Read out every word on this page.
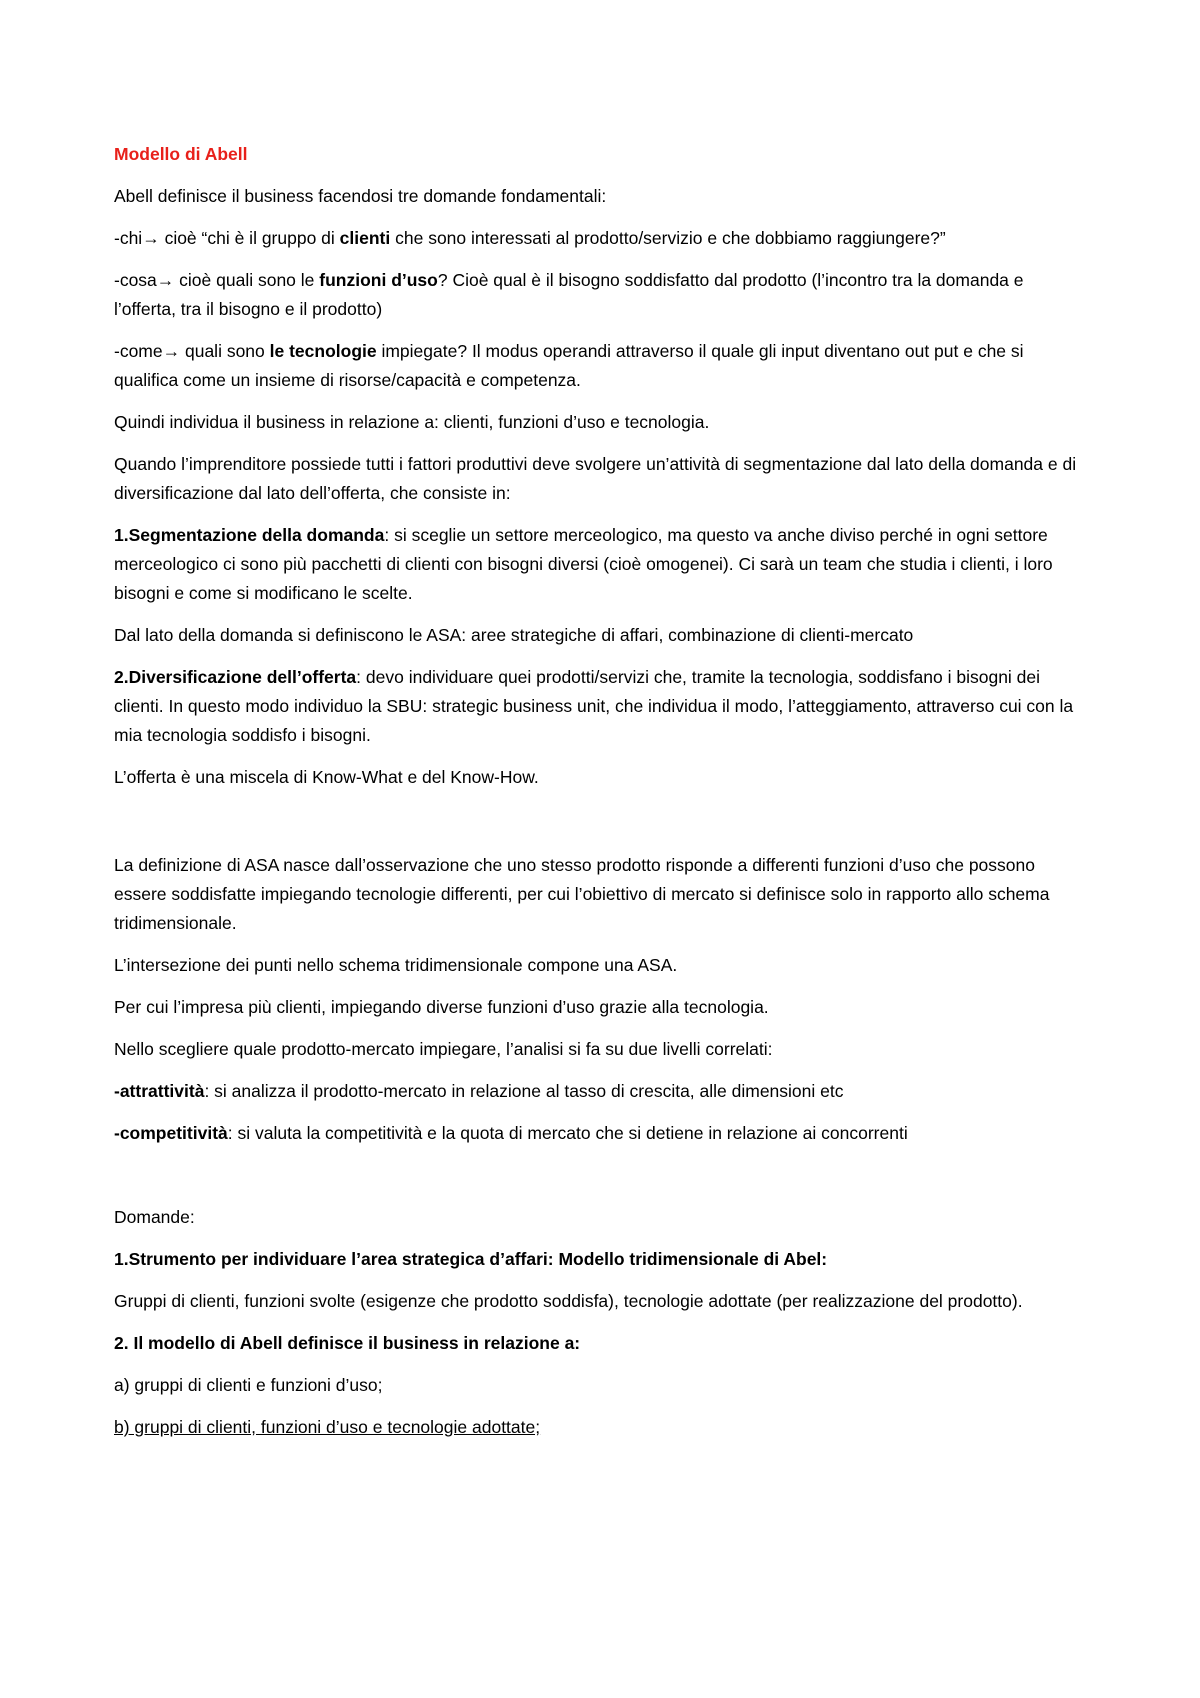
Modello di Abell

Abell definisce il business facendosi tre domande fondamentali:

-chi→ cioè “chi è il gruppo di clienti che sono interessati al prodotto/servizio e che dobbiamo raggiungere?”

-cosa→ cioè quali sono le funzioni d’uso? Cioè qual è il bisogno soddisfatto dal prodotto (l’incontro tra la domanda e l’offerta, tra il bisogno e il prodotto)

-come→ quali sono le tecnologie impiegate? Il modus operandi attraverso il quale gli input diventano out put e che si qualifica come un insieme di risorse/capacità e competenza.

Quindi individua il business in relazione a: clienti, funzioni d’uso e tecnologia.

Quando l’imprenditore possiede tutti i fattori produttivi deve svolgere un’attività di segmentazione dal lato della domanda e di diversificazione dal lato dell’offerta, che consiste in:

1.Segmentazione della domanda: si sceglie un settore merceologico, ma questo va anche diviso perché in ogni settore merceologico ci sono più pacchetti di clienti con bisogni diversi (cioè omogenei). Ci sarà un team che studia i clienti, i loro bisogni e come si modificano le scelte.

Dal lato della domanda si definiscono le ASA: aree strategiche di affari, combinazione di clienti-mercato

2.Diversificazione dell’offerta: devo individuare quei prodotti/servizi che, tramite la tecnologia, soddisfano i bisogni dei clienti. In questo modo individuo la SBU: strategic business unit, che individua il modo, l’atteggiamento, attraverso cui con la mia tecnologia soddisfo i bisogni.

L’offerta è una miscela di Know-What e del Know-How.

La definizione di ASA nasce dall’osservazione che uno stesso prodotto risponde a differenti funzioni d’uso che possono essere soddisfatte impiegando tecnologie differenti, per cui l’obiettivo di mercato si definisce solo in rapporto allo schema tridimensionale.

L’intersezione dei punti nello schema tridimensionale compone una ASA.

Per cui l’impresa più clienti, impiegando diverse funzioni d’uso grazie alla tecnologia.

Nello scegliere quale prodotto-mercato impiegare, l’analisi si fa su due livelli correlati:

-attrattività: si analizza il prodotto-mercato in relazione al tasso di crescita, alle dimensioni etc

-competitività: si valuta la competitività e la quota di mercato che si detiene in relazione ai concorrenti

Domande:

1.Strumento per individuare l’area strategica d’affari: Modello tridimensionale di Abel:

Gruppi di clienti, funzioni svolte (esigenze che prodotto soddisfa), tecnologie adottate (per realizzazione del prodotto).

2. Il modello di Abell definisce il business in relazione a:

a) gruppi di clienti e funzioni d’uso;

b) gruppi di clienti, funzioni d’uso e tecnologie adottate;
